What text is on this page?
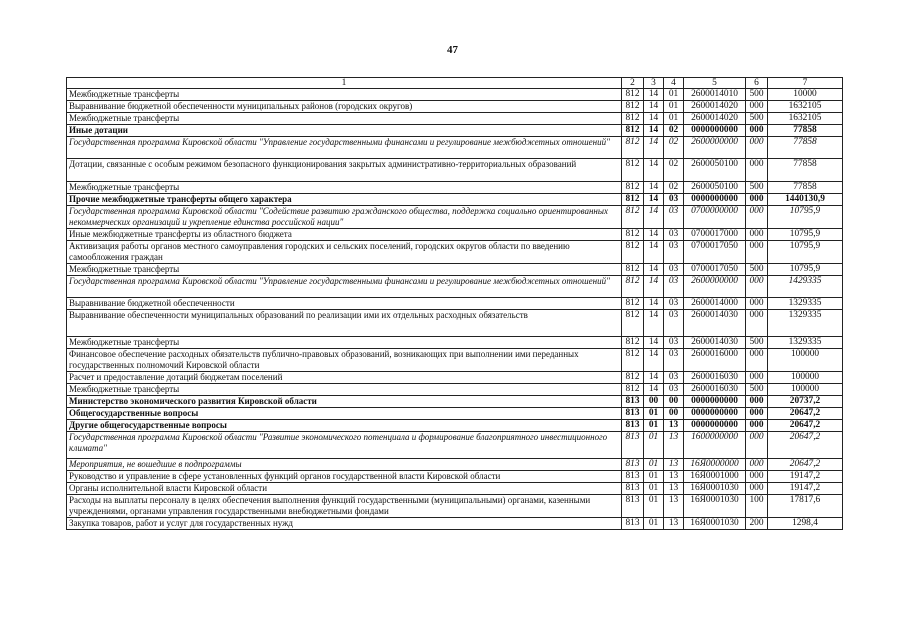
47
1	2	3	4	5	6	7
Межбюджетные трансферты	812	14	01	2600014010	500	10000
Выравнивание бюджетной обеспеченности муниципальных районов (городских округов)	812	14	01	2600014020	000	1632105
Межбюджетные трансферты	812	14	01	2600014020	500	1632105
Иные дотации	812	14	02	0000000000	000	77858
Государственная программа Кировской области "Управление государственными финансами и регулирование межбюджетных отношений"	812	14	02	2600000000	000	77858
Дотации, связанные с особым режимом безопасного функционирования закрытых административно-территориальных образований	812	14	02	2600050100	000	77858
Межбюджетные трансферты	812	14	02	2600050100	500	77858
Прочие межбюджетные трансферты общего характера	812	14	03	0000000000	000	1440130,9
Государственная программа Кировской области "Содействие развитию гражданского общества, поддержка социально ориентированных некоммерческих организаций и укрепление единства российской нации"	812	14	03	0700000000	000	10795,9
Иные межбюджетные трансферты из областного бюджета	812	14	03	0700017000	000	10795,9
Активизация работы органов местного самоуправления городских и сельских поселений, городских округов области по введению самообложения граждан	812	14	03	0700017050	000	10795,9
Межбюджетные трансферты	812	14	03	0700017050	500	10795,9
Государственная программа Кировской области "Управление государственными финансами и регулирование межбюджетных отношений"	812	14	03	2600000000	000	1429335
Выравнивание бюджетной обеспеченности	812	14	03	2600014000	000	1329335
Выравнивание обеспеченности муниципальных образований по реализации ими их отдельных расходных обязательств	812	14	03	2600014030	000	1329335
Межбюджетные трансферты	812	14	03	2600014030	500	1329335
Финансовое обеспечение расходных обязательств публично-правовых образований, возникающих при выполнении ими переданных государственных полномочий Кировской области	812	14	03	2600016000	000	100000
Расчет и предоставление дотаций бюджетам поселений	812	14	03	2600016030	000	100000
Межбюджетные трансферты	812	14	03	2600016030	500	100000
Министерство экономического развития Кировской области	813	00	00	0000000000	000	20737,2
Общегосударственные вопросы	813	01	00	0000000000	000	20647,2
Другие общегосударственные вопросы	813	01	13	0000000000	000	20647,2
Государственная программа Кировской области "Развитие экономического потенциала и формирование благоприятного инвестиционного климата"	813	01	13	1600000000	000	20647,2
Мероприятия, не вошедшие в подпрограммы	813	01	13	16Я0000000	000	20647,2
Руководство и управление в сфере установленных функций органов государственной власти Кировской области	813	01	13	16Я0001000	000	19147,2
Органы исполнительной власти Кировской области	813	01	13	16Я0001030	000	19147,2
Расходы на выплаты персоналу в целях обеспечения выполнения функций государственными (муниципальными) органами, казенными учреждениями, органами управления государственными внебюджетными фондами	813	01	13	16Я0001030	100	17817,6
Закупка товаров, работ и услуг для государственных нужд	813	01	13	16Я0001030	200	1298,4
